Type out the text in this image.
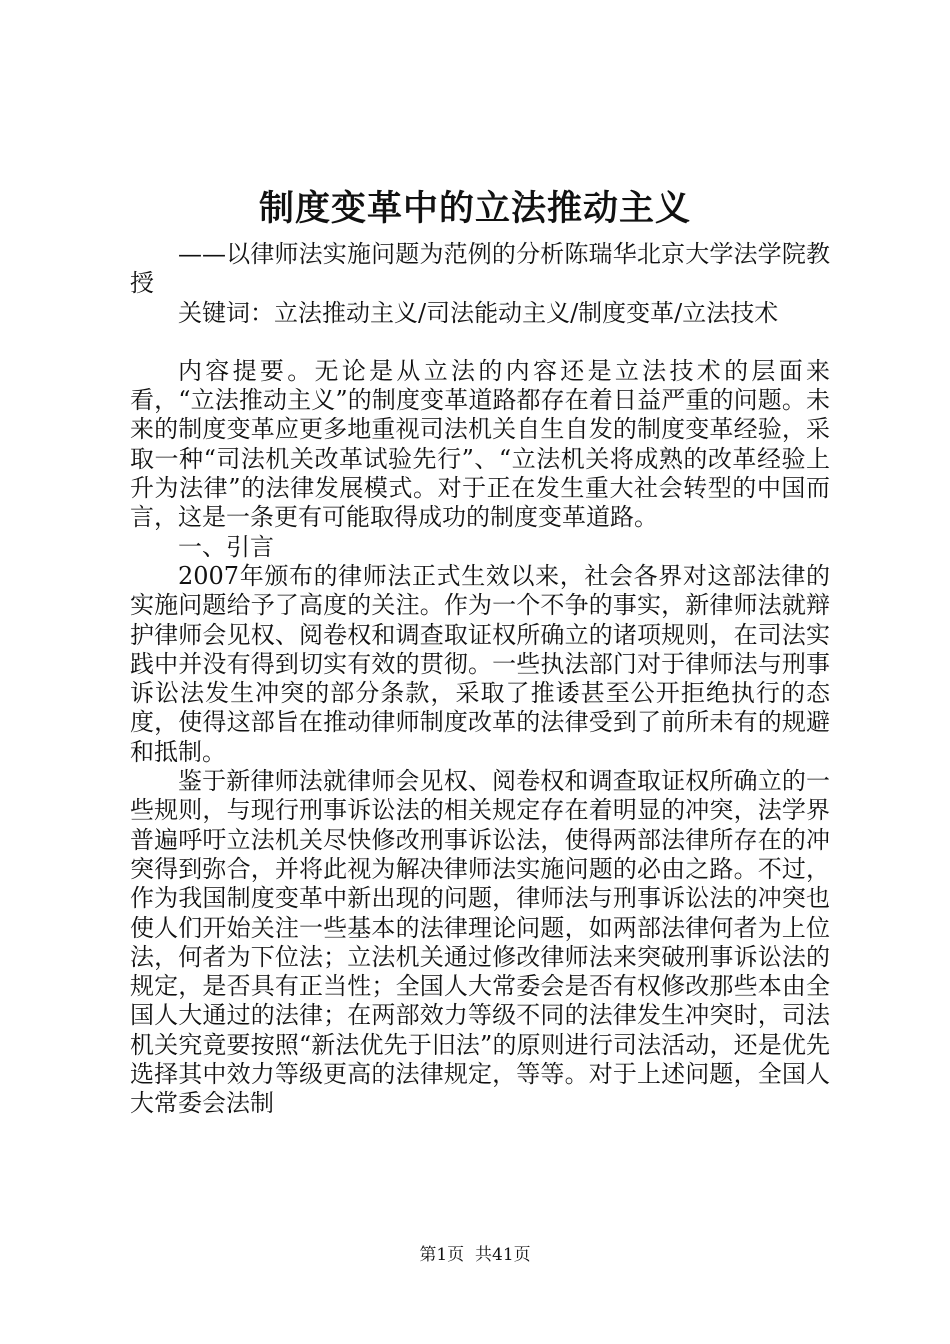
制度变革中的立法推动主义

——以律师法实施问题为范例的分析陈瑞华北京大学法学院教授

关键词：立法推动主义/司法能动主义/制度变革/立法技术

内容提要。无论是从立法的内容还是立法技术的层面来看，“立法推动主义”的制度变革道路都存在着日益严重的问题。未来的制度变革应更多地重视司法机关自生自发的制度变革经验，采取一种“司法机关改革试验先行”、“立法机关将成熟的改革经验上升为法律”的法律发展模式。对于正在发生重大社会转型的中国而言，这是一条更有可能取得成功的制度变革道路。

一、引言

2007年颁布的律师法正式生效以来，社会各界对这部法律的实施问题给予了高度的关注。作为一个不争的事实，新律师法就辩护律师会见权、阅卷权和调查取证权所确立的诸项规则，在司法实践中并没有得到切实有效的贯彻。一些执法部门对于律师法与刑事诉讼法发生冲突的部分条款，采取了推诿甚至公开拒绝执行的态度，使得这部旨在推动律师制度改革的法律受到了前所未有的规避和抵制。

鉴于新律师法就律师会见权、阅卷权和调查取证权所确立的一些规则，与现行刑事诉讼法的相关规定存在着明显的冲突，法学界普遍呼吁立法机关尽快修改刑事诉讼法，使得两部法律所存在的冲突得到弥合，并将此视为解决律师法实施问题的必由之路。不过，作为我国制度变革中新出现的问题，律师法与刑事诉讼法的冲突也使人们开始关注一些基本的法律理论问题，如两部法律何者为上位法，何者为下位法；立法机关通过修改律师法来突破刑事诉讼法的规定，是否具有正当性；全国人大常委会是否有权修改那些本由全国人大通过的法律；在两部效力等级不同的法律发生冲突时，司法机关究竟要按照“新法优先于旧法”的原则进行司法活动，还是优先选择其中效力等级更高的法律规定，等等。对于上述问题，全国人大常委会法制

第1页 共41页
